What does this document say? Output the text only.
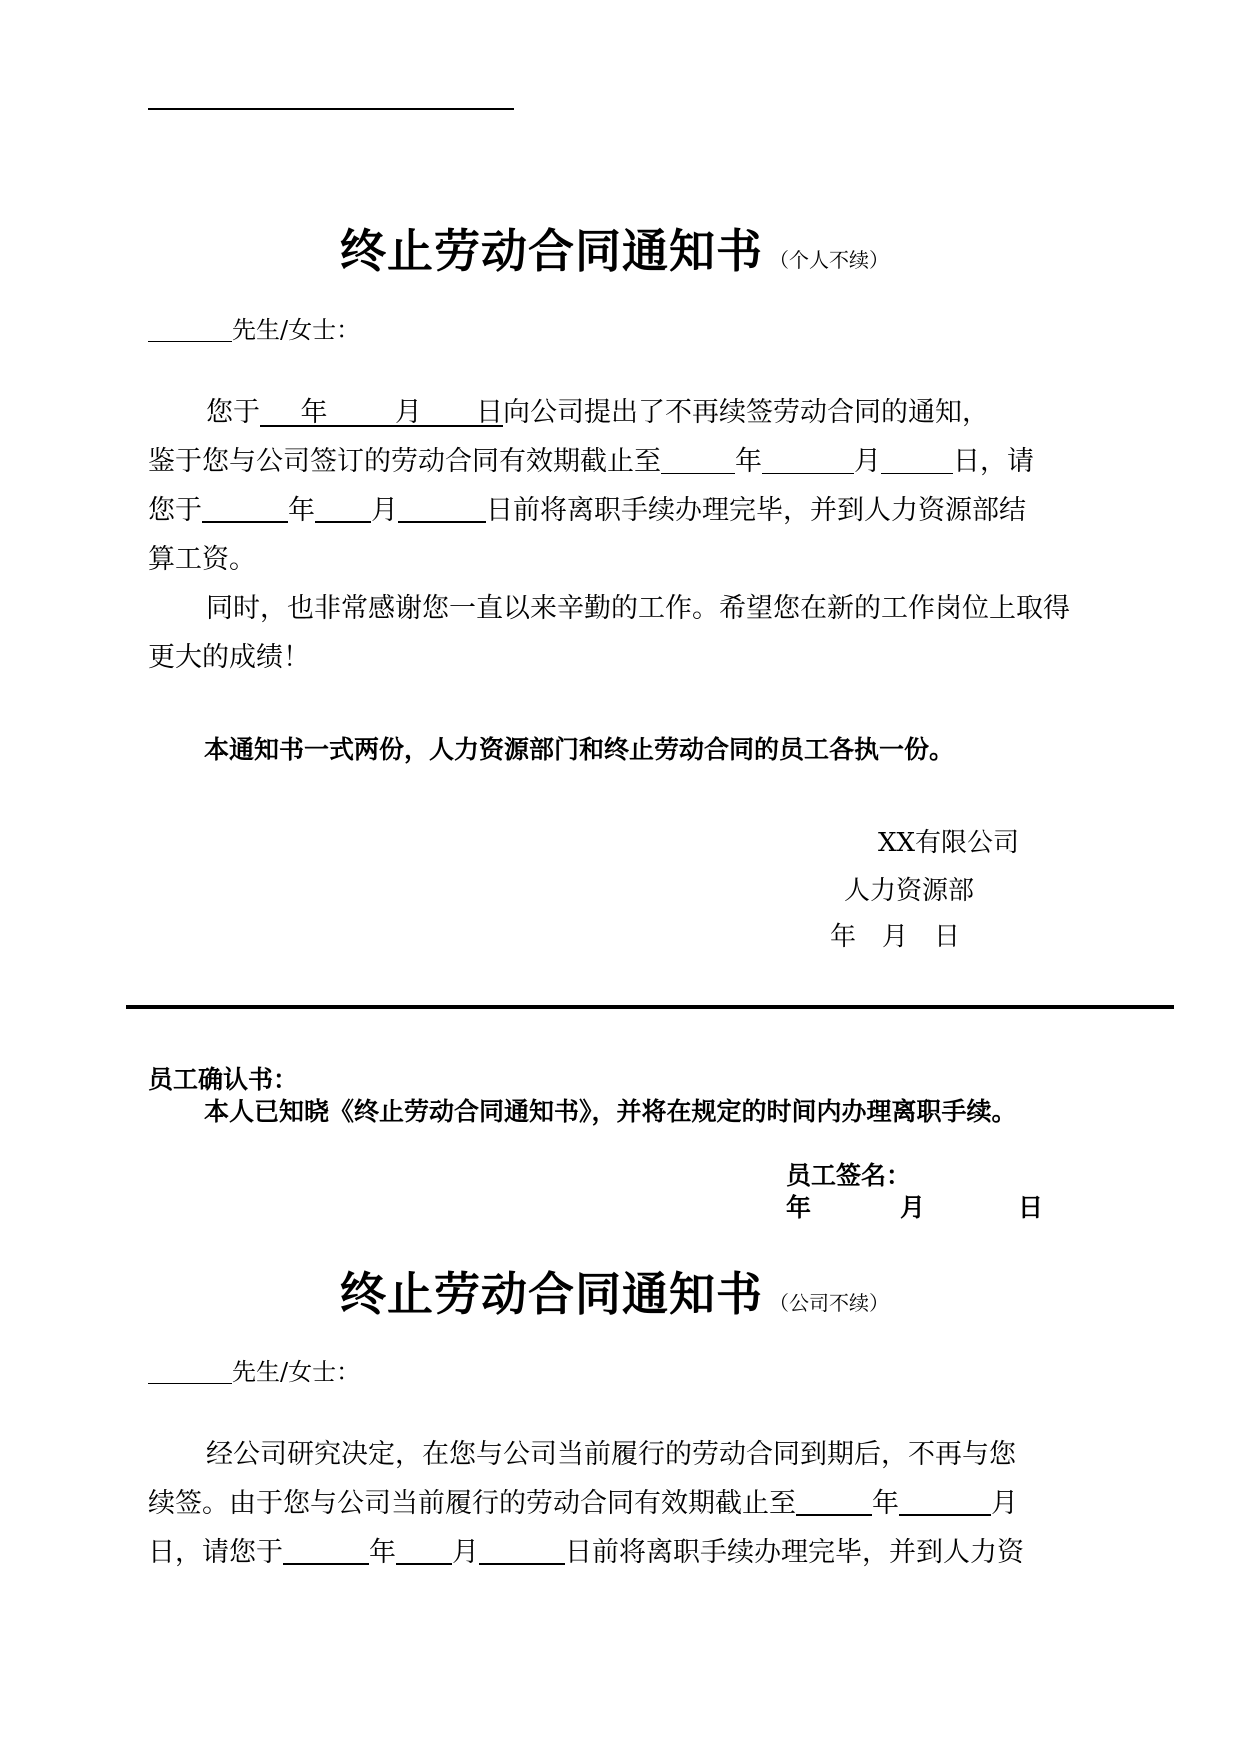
终止劳动合同通知书 （个人不续）
先生/女士：
您于   年   	月   日向公司提出了不再续签劳动合同的通知，
鉴于您与公司签订的劳动合同有效期截止至	年	月	日，请
您于	年 月	日前将离职手续办理完毕，并到人力资源部结
算工资。

同时，也非常感谢您一直以来辛勤的工作。希望您在新的工作岗位上取得更大的成绩！

本通知书一式两份，人力资源部门和终止劳动合同的员工各执一份。
XX有限公司
人力资源部
年　月　日

员工确认书：

本人已知晓《终止劳动合同通知书》，并将在规定的时间内办理离职手续。

员工签名：
年	月	日
终止劳动合同通知书 （公司不续）
先生/女士：
经公司研究决定，在您与公司当前履行的劳动合同到期后，不再与您
续签。由于您与公司当前履行的劳动合同有效期截止至	年	月
日，请您于	年 月	日前将离职手续办理完毕，并到人力资
